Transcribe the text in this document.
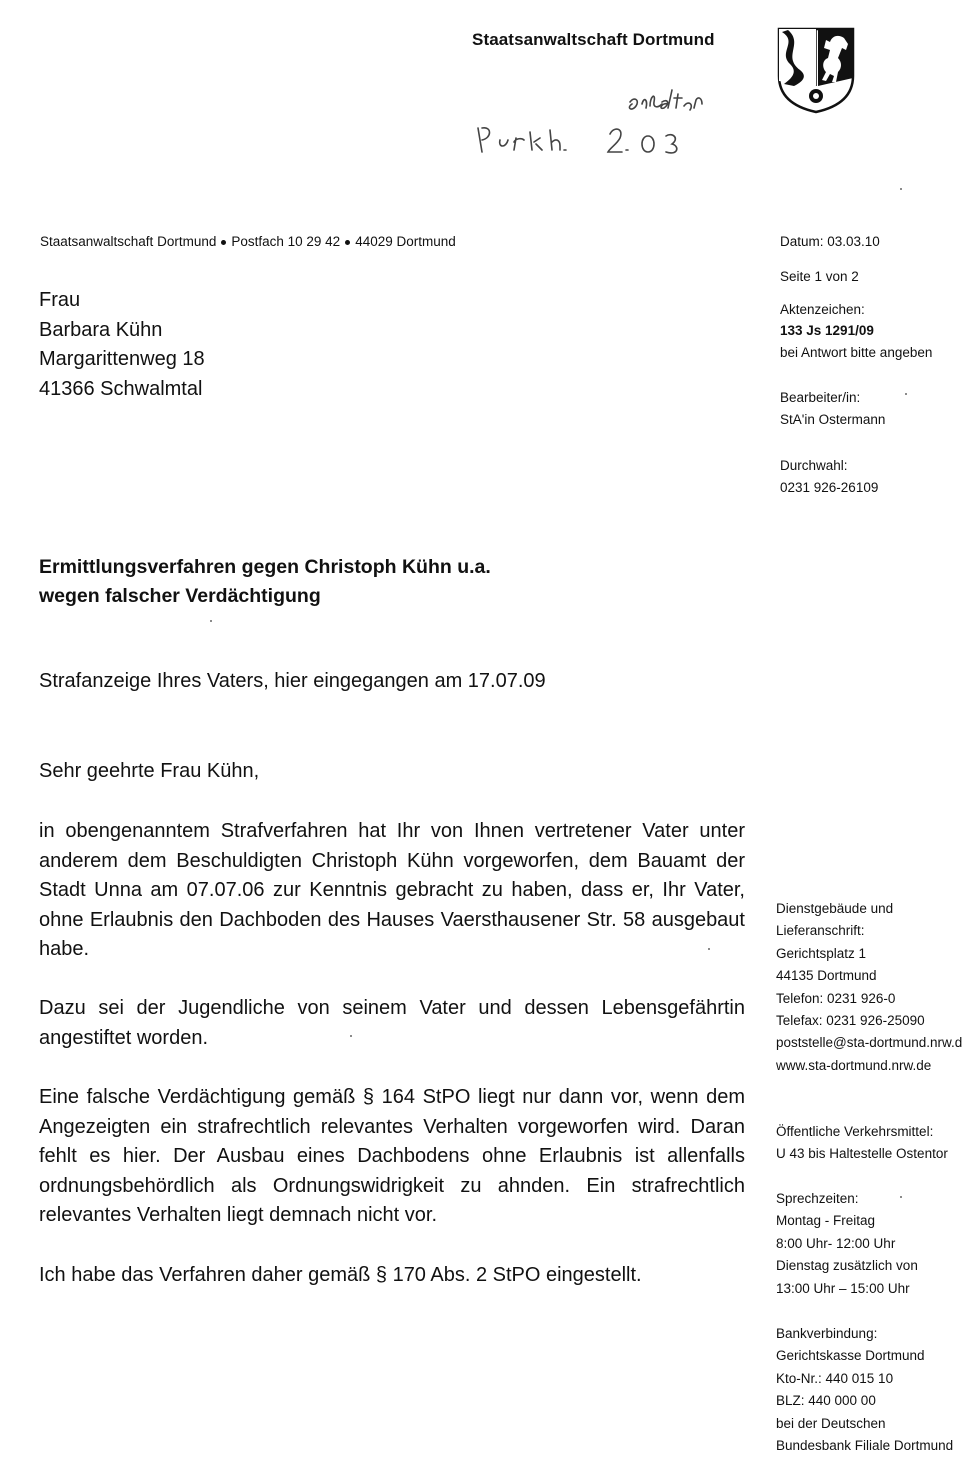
Staatsanwaltschaft Dortmund
Staatsanwaltschaft Dortmund Postfach 10 29 42 44029 Dortmund
Frau
Barbara Kühn
Margarittenweg 18
41366 Schwalmtal
Datum: 03.03.10
Seite 1 von 2
Aktenzeichen:
133 Js 1291/09
bei Antwort bitte angeben
Bearbeiter/in:
StA'in Ostermann
Durchwahl:
0231 926-26109
Ermittlungsverfahren gegen Christoph Kühn u.a.
wegen falscher Verdächtigung
Strafanzeige Ihres Vaters, hier eingegangen am 17.07.09
Sehr geehrte Frau Kühn,
in obengenanntem Strafverfahren hat Ihr von Ihnen vertretener Vater unter anderem dem Beschuldigten Christoph Kühn vorgeworfen, dem Bauamt der Stadt Unna am 07.07.06 zur Kenntnis gebracht zu haben, dass er, Ihr Vater, ohne Erlaubnis den Dachboden des Hauses Vaersthausener Str. 58 ausgebaut habe.
Dazu sei der Jugendliche von seinem Vater und dessen Lebensgefährtin angestiftet worden.
Eine falsche Verdächtigung gemäß § 164 StPO liegt nur dann vor, wenn dem Angezeigten ein strafrechtlich relevantes Verhalten vorgeworfen wird. Daran fehlt es hier. Der Ausbau eines Dachbodens ohne Erlaubnis ist allenfalls ordnungsbehördlich als Ordnungswidrigkeit zu ahnden. Ein strafrechtlich relevantes Verhalten liegt demnach nicht vor.
Ich habe das Verfahren daher gemäß § 170 Abs. 2 StPO eingestellt.
Dienstgebäude und
Lieferanschrift:
Gerichtsplatz 1
44135 Dortmund
Telefon: 0231 926-0
Telefax: 0231 926-25090
poststelle@sta-dortmund.nrw.d
www.sta-dortmund.nrw.de
Öffentliche Verkehrsmittel:
U 43 bis Haltestelle Ostentor
Sprechzeiten:
Montag - Freitag
8:00 Uhr- 12:00 Uhr
Dienstag zusätzlich von
13:00 Uhr – 15:00 Uhr
Bankverbindung:
Gerichtskasse Dortmund
Kto-Nr.: 440 015 10
BLZ: 440 000 00
bei der Deutschen
Bundesbank Filiale Dortmund
